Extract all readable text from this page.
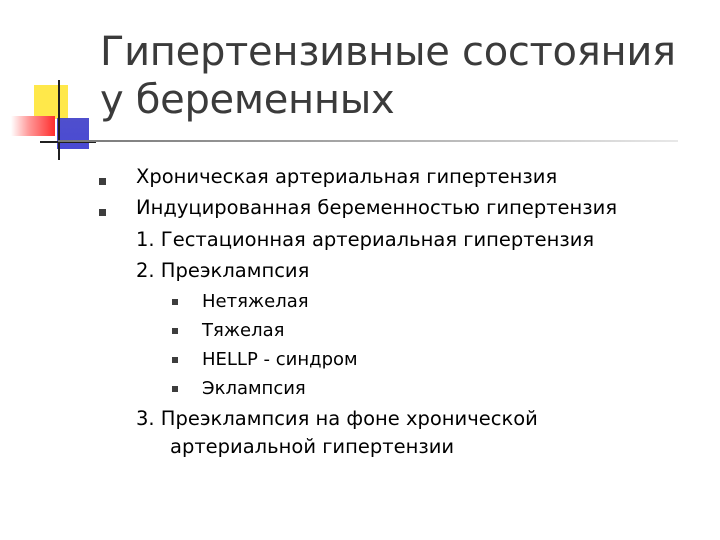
Гипертензивные состояния у беременных
Хроническая артериальная гипертензия
Индуцированная беременностью гипертензия
1. Гестационная артериальная гипертензия
2. Преэклампсия
Нетяжелая
Тяжелая
HELLP - синдром
Эклампсия
3. Преэклампсия на фоне хронической
артериальной гипертензии
